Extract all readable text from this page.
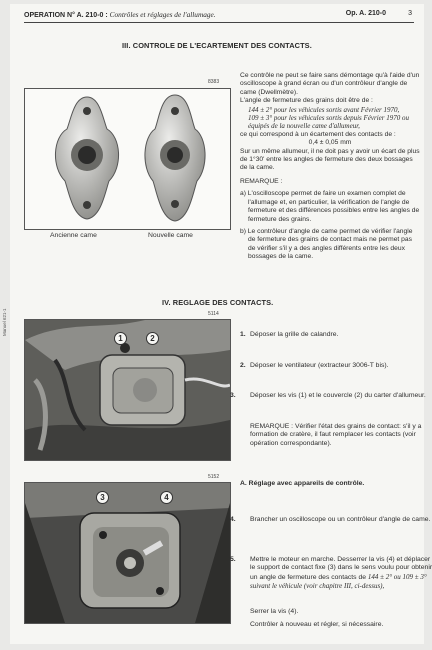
OPERATION N° A. 210-0 : Contrôles et réglages de l'allumage.	Op. A. 210-0	3
III. CONTROLE DE L'ECARTEMENT DES CONTACTS.
8383
Ancienne came	Nouvelle came

Ce contrôle ne peut se faire sans démontage qu'à l'aide d'un oscilloscope à grand écran ou d'un contrôleur d'angle de came (Dwellmètre).

L'angle de fermeture des grains doit être de :

144 ± 2° pour les véhicules sortis avant Février 1970,

109 ± 3° pour les véhicules sortis depuis Février 1970 ou équipés de la nouvelle came d'allumeur,

ce qui correspond à un écartement des contacts de :

0,4 ± 0,05 mm

Sur un même allumeur, il ne doit pas y avoir un écart de plus de 1°30' entre les angles de fermeture des deux bossages de la came.

REMARQUE :

a) L'oscilloscope permet de faire un examen complet de l'allumage et, en particulier, la vérification de l'angle de fermeture et des différences possibles entre les angles de fermeture des grains.

b) Le contrôleur d'angle de came permet de vérifier l'angle de fermeture des grains de contact mais ne permet pas de vérifier s'il y a des angles différents entre les deux bossages de la came.

IV. REGLAGE DES CONTACTS.
5114
1	2
5152
3	4
1. Déposer la grille de calandre.
2. Déposer le ventilateur (extracteur 3006-T bis).
3. Déposer les vis (1) et le couvercle (2) du carter d'allumeur.
REMARQUE : Vérifier l'état des grains de contact: s'il y a formation de cratère, il faut remplacer les contacts (voir opération correspondante).
A. Réglage avec appareils de contrôle.
4. Brancher un oscilloscope ou un contrôleur d'angle de came.
5. Mettre le moteur en marche. Desserrer la vis (4) et déplacer le support de contact fixe (3) dans le sens voulu pour obtenir un angle de fermeture des contacts de 144 ± 2° ou 109 ± 3° suivant le véhicule (voir chapitre III, ci-dessus),
Serrer la vis (4).
Contrôler à nouveau et régler, si nécessaire.
Manuel 621-1
